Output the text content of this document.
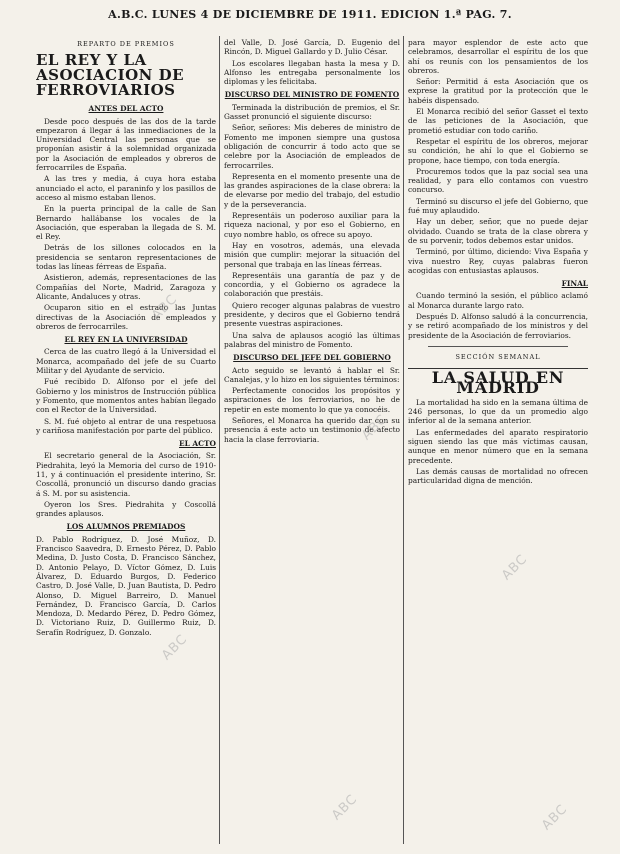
A.B.C. LUNES 4 DE DICIEMBRE DE 1911. EDICION 1.ª PAG. 7.

REPARTO DE PREMIOS

EL REY Y LA ASOCIACION DE FERROVIARIOS

ANTES DEL ACTO

Desde poco después de las dos de la tarde empezaron á llegar á las inmediaciones de la Universidad Central las personas que se proponían asistir á la solemnidad organizada por la Asociación de empleados y obreros de ferrocarriles de España.

A las tres y media, á cuya hora estaba anunciado el acto, el paraninfo y los pasillos de acceso al mismo estaban llenos.

En la puerta principal de la calle de San Bernardo hallábanse los vocales de la Asociación, que esperaban la llegada de S. M. el Rey.

Detrás de los sillones colocados en la presidencia se sentaron representaciones de todas las líneas férreas de España.

Asistieron, además, representaciones de las Compañías del Norte, Madrid, Zaragoza y Alicante, Andaluces y otras.

Ocuparon sitio en el estrado las Juntas directivas de la Asociación de empleados y obreros de ferrocarriles.

EL REY EN LA UNIVERSIDAD

Cerca de las cuatro llegó á la Universidad el Monarca, acompañado del jefe de su Cuarto Militar y del Ayudante de servicio.

Fué recibido D. Alfonso por el jefe del Gobierno y los ministros de Instrucción pública y Fomento, que momentos antes habían llegado con el Rector de la Universidad.

S. M. fué objeto al entrar de una respetuosa y cariñosa manifestación por parte del público.

EL ACTO

El secretario general de la Asociación, Sr. Piedrahita, leyó la Memoria del curso de 1910-11, y á continuación el presidente interino, Sr. Coscollá, pronunció un discurso dando gracias á S. M. por su asistencia.

Oyeron los Sres. Piedrahita y Coscollá grandes aplausos.

LOS ALUMNOS PREMIADOS

D. Pablo Rodríguez, D. José Muñoz, D. Francisco Saavedra, D. Ernesto Pérez, D. Pablo Medina, D. Justo Costa, D. Francisco Sánchez, D. Antonio Pelayo, D. Víctor Gómez, D. Luis Álvarez, D. Eduardo Burgos, D. Federico Castro, D. José Valle, D. Juan Bautista, D. Pedro Alonso, D. Miguel Barreiro, D. Manuel Fernández, D. Francisco García, D. Carlos Mendoza, D. Medardo Pérez, D. Pedro Gómez, D. Victoriano Ruiz, D. Guillermo Ruiz, D. Serafín Rodríguez, D. Gonzalo.

del Valle, D. José García, D. Eugenio del Rincón, D. Miguel Gallardo y D. Julio César.

Los escolares llegaban hasta la mesa y D. Alfonso les entregaba personalmente los diplomas y les felicitaba.

DISCURSO DEL MINISTRO DE FOMENTO

Terminada la distribución de premios, el Sr. Gasset pronunció el siguiente discurso:

Señor, señores: Mis deberes de ministro de Fomento me imponen siempre una gustosa obligación de concurrir á todo acto que se celebre por la Asociación de empleados de ferrocarriles.

Representa en el momento presente una de las grandes aspiraciones de la clase obrera: la de elevarse por medio del trabajo, del estudio y de la perseverancia.

Representáis un poderoso auxiliar para la riqueza nacional, y por eso el Gobierno, en cuyo nombre hablo, os ofrece su apoyo.

Hay en vosotros, además, una elevada misión que cumplir: mejorar la situación del personal que trabaja en las líneas férreas.

Representáis una garantía de paz y de concordia, y el Gobierno os agradece la colaboración que prestáis.

Quiero recoger algunas palabras de vuestro presidente, y deciros que el Gobierno tendrá presente vuestras aspiraciones.

Una salva de aplausos acogió las últimas palabras del ministro de Fomento.

DISCURSO DEL JEFE DEL GOBIERNO

Acto seguido se levantó á hablar el Sr. Canalejas, y lo hizo en los siguientes términos:

Perfectamente conocidos los propósitos y aspiraciones de los ferroviarios, no he de repetir en este momento lo que ya conocéis.

Señores, el Monarca ha querido dar con su presencia á este acto un testimonio de afecto hacia la clase ferroviaria.

para mayor esplendor de este acto que celebramos, desarrollar el espíritu de los que ahí os reunís con los pensamientos de los obreros.

Señor: Permitid á esta Asociación que os exprese la gratitud por la protección que le habéis dispensado.

El Monarca recibió del señor Gasset el texto de las peticiones de la Asociación, que prometió estudiar con todo cariño.

Respetar el espíritu de los obreros, mejorar su condición, he ahí lo que el Gobierno se propone, hace tiempo, con toda energía.

Procuremos todos que la paz social sea una realidad, y para ello contamos con vuestro concurso.

Terminó su discurso el jefe del Gobierno, que fué muy aplaudido.

Hay un deber, señor, que no puede dejar olvidado. Cuando se trata de la clase obrera y de su porvenir, todos debemos estar unidos.

Terminó, por último, diciendo: Viva España y viva nuestro Rey, cuyas palabras fueron acogidas con entusiastas aplausos.

FINAL

Cuando terminó la sesión, el público aclamó al Monarca durante largo rato.

Después D. Alfonso saludó á la concurrencia, y se retiró acompañado de los ministros y del presidente de la Asociación de ferroviarios.

SECCIÓN SEMANAL

LA SALUD EN MADRID

La mortalidad ha sido en la semana última de 246 personas, lo que da un promedio algo inferior al de la semana anterior.

Las enfermedades del aparato respiratorio siguen siendo las que más víctimas causan, aunque en menor número que en la semana precedente.

Las demás causas de mortalidad no ofrecen particularidad digna de mención.

ABC
ABC
ABC
ABC
ABC	ABC
